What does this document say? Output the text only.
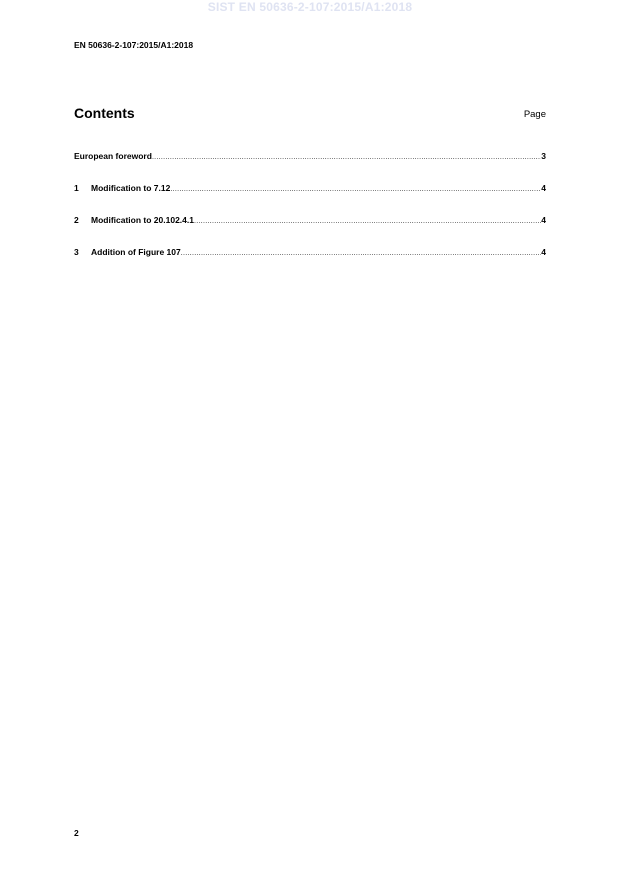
SIST EN 50636-2-107:2015/A1:2018
EN 50636-2-107:2015/A1:2018
Contents	Page
European foreword .....	3
1	Modification to 7.12 .....	4
2	Modification to 20.102.4.1 .....	4
3	Addition of Figure 107 .....	4
2
